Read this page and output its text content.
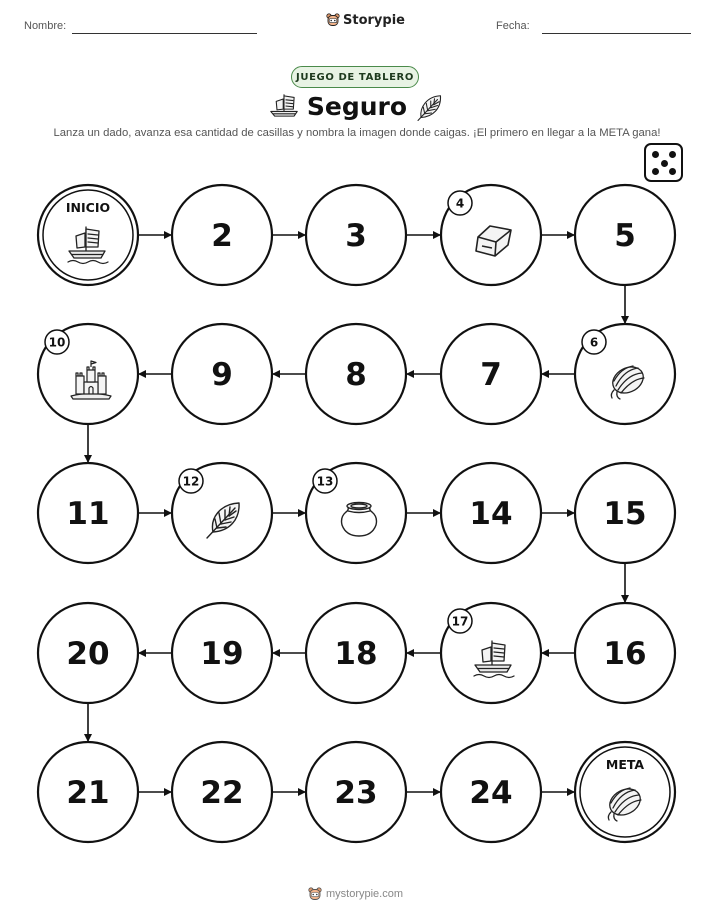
Nombre:	Storypie	Fecha:
JUEGO DE TABLERO
Seguro
Lanza un dado, avanza esa cantidad de casillas y nombra la imagen donde caigas. ¡El primero en llegar a la META gana!
INICIO
2	3
4
5
6
7
8
9
10
11
12	13
14	15
16
17
18
19
20
21	22	23	24
META
mystorypie.com
